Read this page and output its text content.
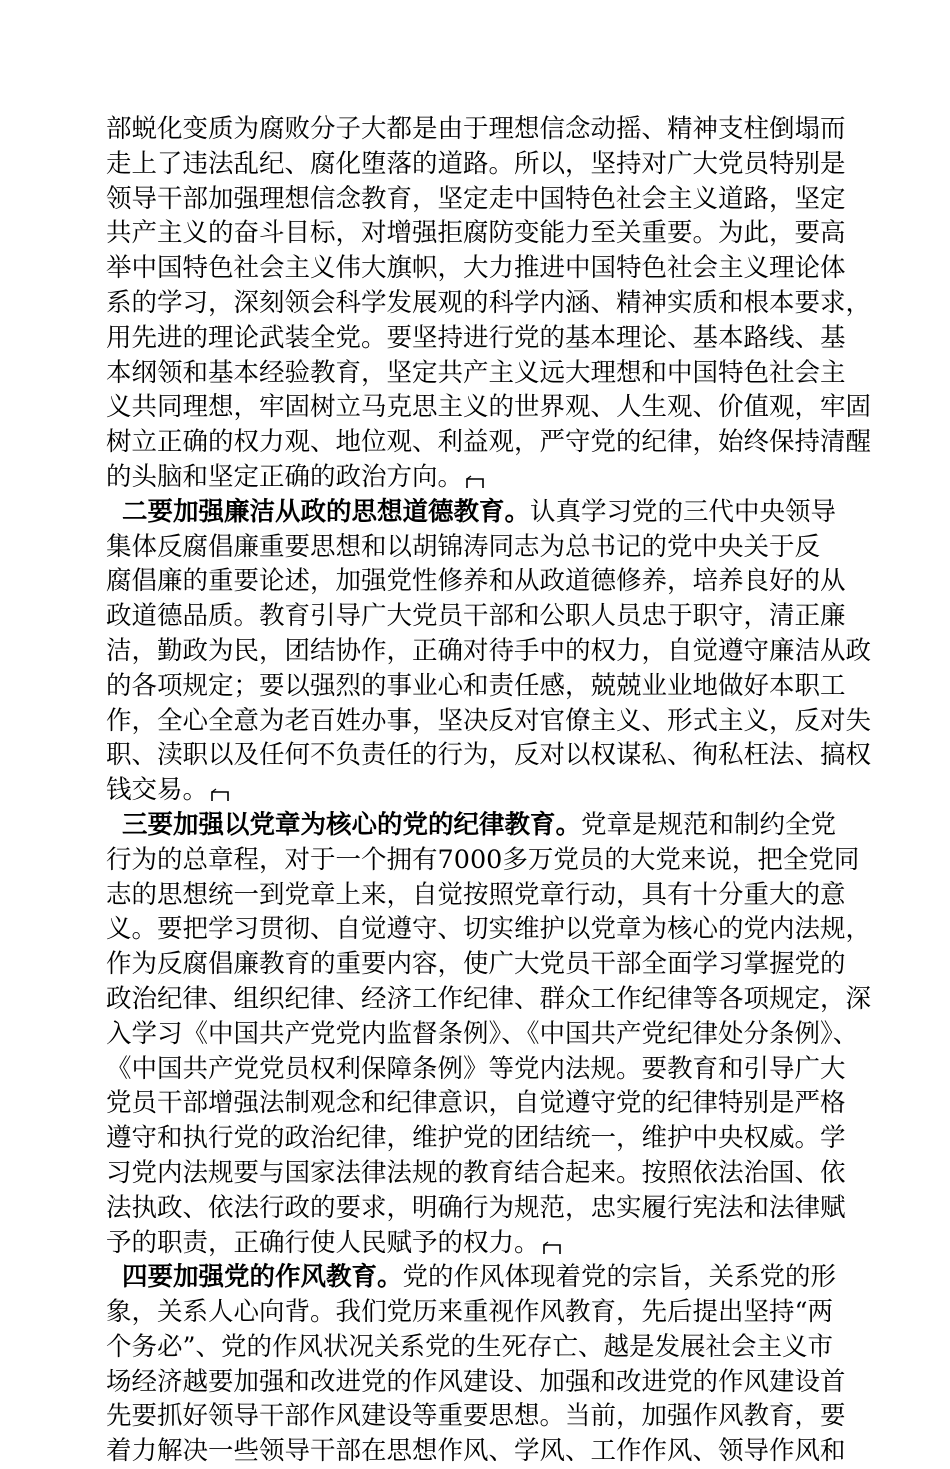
部蜕化变质为腐败分子大都是由于理想信念动摇、精神支柱倒塌而
走上了违法乱纪、腐化堕落的道路。所以，坚持对广大党员特别是
领导干部加强理想信念教育，坚定走中国特色社会主义道路，坚定
共产主义的奋斗目标，对增强拒腐防变能力至关重要。为此，要高
举中国特色社会主义伟大旗帜，大力推进中国特色社会主义理论体
系的学习，深刻领会科学发展观的科学内涵、精神实质和根本要求，
用先进的理论武装全党。要坚持进行党的基本理论、基本路线、基
本纲领和基本经验教育，坚定共产主义远大理想和中国特色社会主
义共同理想，牢固树立马克思主义的世界观、人生观、价值观，牢固
树立正确的权力观、地位观、利益观，严守党的纪律，始终保持清醒
的头脑和坚定正确的政治方向。
二要加强廉洁从政的思想道德教育。认真学习党的三代中央领导
集体反腐倡廉重要思想和以胡锦涛同志为总书记的党中央关于反
腐倡廉的重要论述，加强党性修养和从政道德修养，培养良好的从
政道德品质。教育引导广大党员干部和公职人员忠于职守，清正廉
洁，勤政为民，团结协作，正确对待手中的权力，自觉遵守廉洁从政
的各项规定；要以强烈的事业心和责任感，兢兢业业地做好本职工
作，全心全意为老百姓办事，坚决反对官僚主义、形式主义，反对失
职、渎职以及任何不负责任的行为，反对以权谋私、徇私枉法、搞权
钱交易。
三要加强以党章为核心的党的纪律教育。党章是规范和制约全党
行为的总章程，对于一个拥有7000多万党员的大党来说，把全党同
志的思想统一到党章上来，自觉按照党章行动，具有十分重大的意
义。要把学习贯彻、自觉遵守、切实维护以党章为核心的党内法规，
作为反腐倡廉教育的重要内容，使广大党员干部全面学习掌握党的
政治纪律、组织纪律、经济工作纪律、群众工作纪律等各项规定，深
入学习《中国共产党党内监督条例》、《中国共产党纪律处分条例》、
《中国共产党党员权利保障条例》等党内法规。要教育和引导广大
党员干部增强法制观念和纪律意识，自觉遵守党的纪律特别是严格
遵守和执行党的政治纪律，维护党的团结统一，维护中央权威。学
习党内法规要与国家法律法规的教育结合起来。按照依法治国、依
法执政、依法行政的要求，明确行为规范，忠实履行宪法和法律赋
予的职责，正确行使人民赋予的权力。
四要加强党的作风教育。党的作风体现着党的宗旨，关系党的形
象，关系人心向背。我们党历来重视作风教育，先后提出坚持“两
个务必”、党的作风状况关系党的生死存亡、越是发展社会主义市
场经济越要加强和改进党的作风建设、加强和改进党的作风建设首
先要抓好领导干部作风建设等重要思想。当前，加强作风教育，要
着力解决一些领导干部在思想作风、学风、工作作风、领导作风和
